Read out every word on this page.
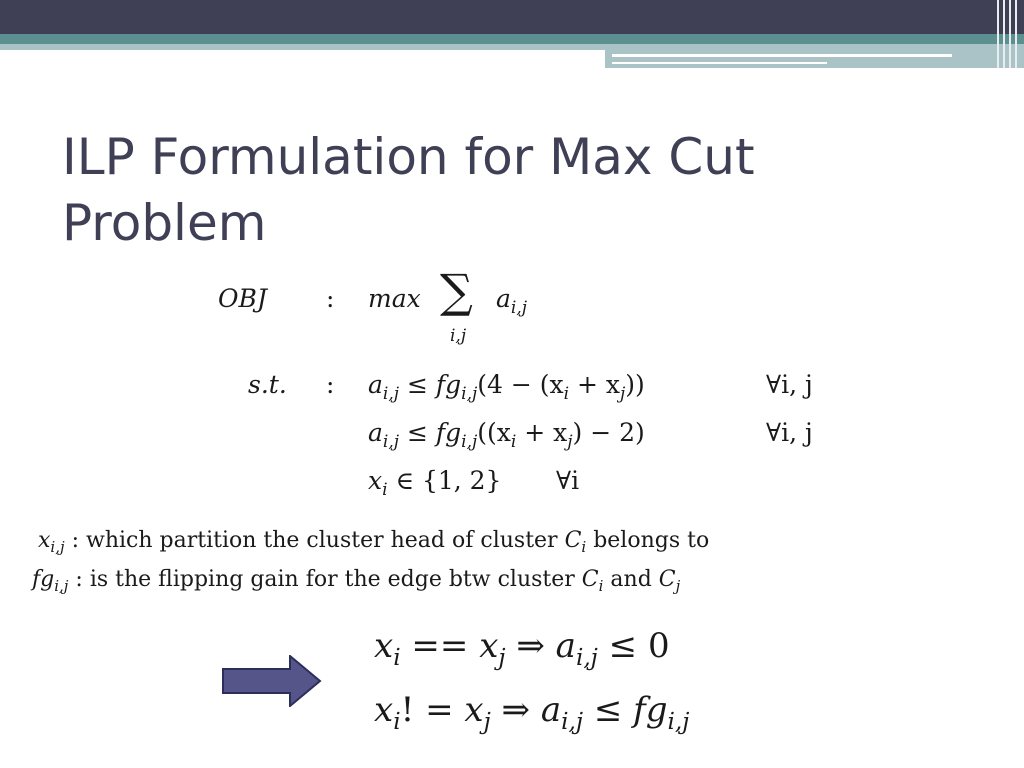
ILP Formulation for Max Cut Problem
OBJ : max ∑
i,j
$a_{i,j}$
s.t. : $a_{i,j} \le fg_{i,j}(4 - (x_i + x_j))$	∀i, j
$a_{i,j} \le fg_{i,j}((x_i + x_j) - 2)$	∀i, j
$x_i$ ∈ {1, 2} ∀i
$x_{i,j}$ : which partition the cluster head of cluster $C_i$ belongs to
$fg_{i,j}$ : is the flipping gain for the edge btw cluster $C_i$ and $C_j$
$x_i == x_j$ ⇒ $a_{i,j} \le 0$
$x_i$! = $x_j$ ⇒ $a_{i,j} \le fg_{i,j}$
